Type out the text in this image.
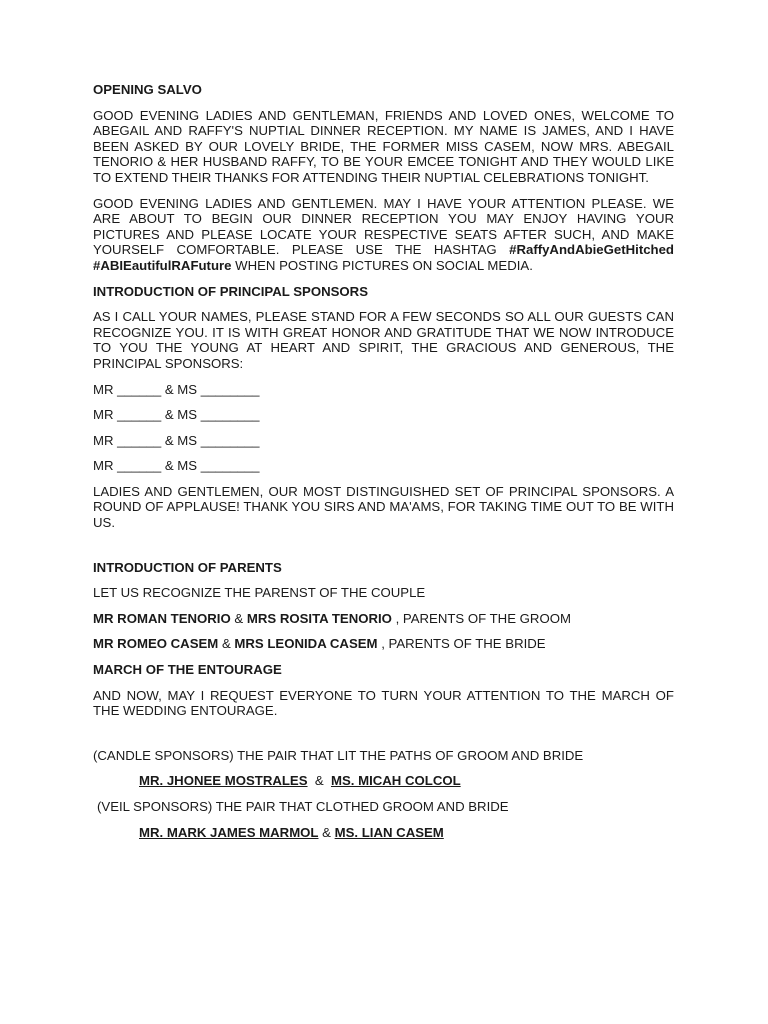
OPENING SALVO
GOOD EVENING LADIES AND GENTLEMAN, FRIENDS AND LOVED ONES, WELCOME TO ABEGAIL AND RAFFY'S NUPTIAL DINNER RECEPTION. MY NAME IS JAMES, AND I HAVE BEEN ASKED BY OUR LOVELY BRIDE, THE FORMER MISS CASEM, NOW MRS. ABEGAIL TENORIO & HER HUSBAND RAFFY, TO BE YOUR EMCEE TONIGHT AND THEY WOULD LIKE TO EXTEND THEIR THANKS FOR ATTENDING THEIR NUPTIAL CELEBRATIONS TONIGHT.
GOOD EVENING LADIES AND GENTLEMEN. MAY I HAVE YOUR ATTENTION PLEASE. WE ARE ABOUT TO BEGIN OUR DINNER RECEPTION YOU MAY ENJOY HAVING YOUR PICTURES AND PLEASE LOCATE YOUR RESPECTIVE SEATS AFTER SUCH, AND MAKE YOURSELF COMFORTABLE. PLEASE USE THE HASHTAG #RaffyAndAbieGetHitched #ABIEautifulRAFuture WHEN POSTING PICTURES ON SOCIAL MEDIA.
INTRODUCTION OF PRINCIPAL SPONSORS
AS I CALL YOUR NAMES, PLEASE STAND FOR A FEW SECONDS SO ALL OUR GUESTS CAN RECOGNIZE YOU. IT IS WITH GREAT HONOR AND GRATITUDE THAT WE NOW INTRODUCE TO YOU THE YOUNG AT HEART AND SPIRIT, THE GRACIOUS AND GENEROUS, THE PRINCIPAL SPONSORS:
MR ______ & MS ________
MR ______ & MS ________
MR ______ & MS ________
MR ______ & MS ________
LADIES AND GENTLEMEN, OUR MOST DISTINGUISHED SET OF PRINCIPAL SPONSORS. A ROUND OF APPLAUSE! THANK YOU SIRS AND MA'AMS, FOR TAKING TIME OUT TO BE WITH US.
INTRODUCTION OF PARENTS
LET US RECOGNIZE THE PARENST OF THE COUPLE
MR ROMAN TENORIO & MRS ROSITA TENORIO , PARENTS OF THE GROOM
MR ROMEO CASEM & MRS LEONIDA CASEM , PARENTS OF THE BRIDE
MARCH OF THE ENTOURAGE
AND NOW, MAY I REQUEST EVERYONE TO TURN YOUR ATTENTION TO THE MARCH OF THE WEDDING ENTOURAGE.
(CANDLE SPONSORS) THE PAIR THAT LIT THE PATHS OF GROOM AND BRIDE
MR. JHONEE MOSTRALES  &  MS. MICAH COLCOL
(VEIL SPONSORS) THE PAIR THAT CLOTHED GROOM AND BRIDE
MR. MARK JAMES MARMOL & MS. LIAN CASEM
